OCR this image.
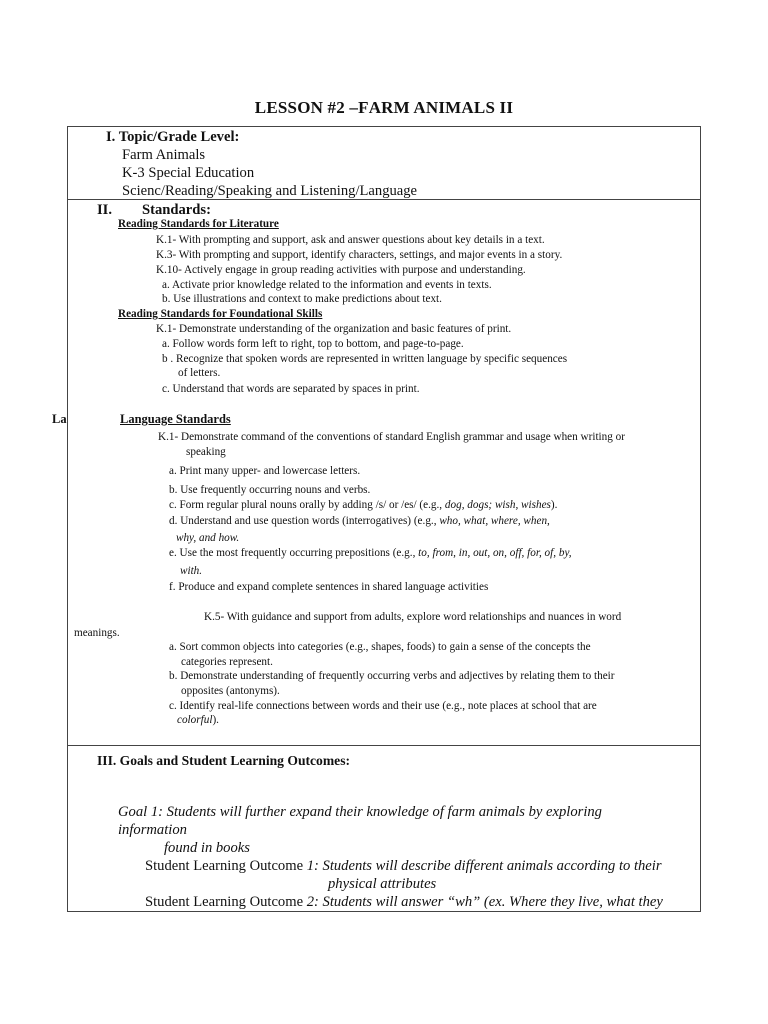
LESSON #2 –FARM ANIMALS II
I. Topic/Grade Level:
Farm Animals
K-3 Special Education
Scienc/Reading/Speaking and Listening/Language
II. Standards:
Reading Standards for Literature
K.1- With prompting and support, ask and answer questions about key details in a text.
K.3- With prompting and support, identify characters, settings, and major events in a story.
K.10- Actively engage in group reading activities with purpose and understanding.
a. Activate prior knowledge related to the information and events in texts.
b. Use illustrations and context to make predictions about text.
Reading Standards for Foundational Skills
K.1- Demonstrate understanding of the organization and basic features of print.
a. Follow words form left to right, top to bottom, and page-to-page.
b . Recognize that spoken words are represented in written language by specific sequences
of letters.
c. Understand that words are separated by spaces in print.
La	Language Standards
K.1- Demonstrate command of the conventions of standard English grammar and usage when writing or
speaking
a. Print many upper- and lowercase letters.
b. Use frequently occurring nouns and verbs.
c. Form regular plural nouns orally by adding /s/ or /es/ (e.g., dog, dogs; wish, wishes).
d. Understand and use question words (interrogatives) (e.g., who, what, where, when,
why, and how.
e. Use the most frequently occurring prepositions (e.g., to, from, in, out, on, off, for, of, by,
with.
f. Produce and expand complete sentences in shared language activities
K.5- With guidance and support from adults, explore word relationships and nuances in word
meanings.
a. Sort common objects into categories (e.g., shapes, foods) to gain a sense of the concepts the
categories represent.
b. Demonstrate understanding of frequently occurring verbs and adjectives by relating them to their
opposites (antonyms).
c. Identify real-life connections between words and their use (e.g., note places at school that are
colorful).
III. Goals and Student Learning Outcomes:
Goal 1: Students will further expand their knowledge of farm animals by exploring
information
found in books
Student Learning Outcome 1: Students will describe different animals according to their
physical attributes
Student Learning Outcome 2: Students will answer “wh” (ex. Where they live, what they
